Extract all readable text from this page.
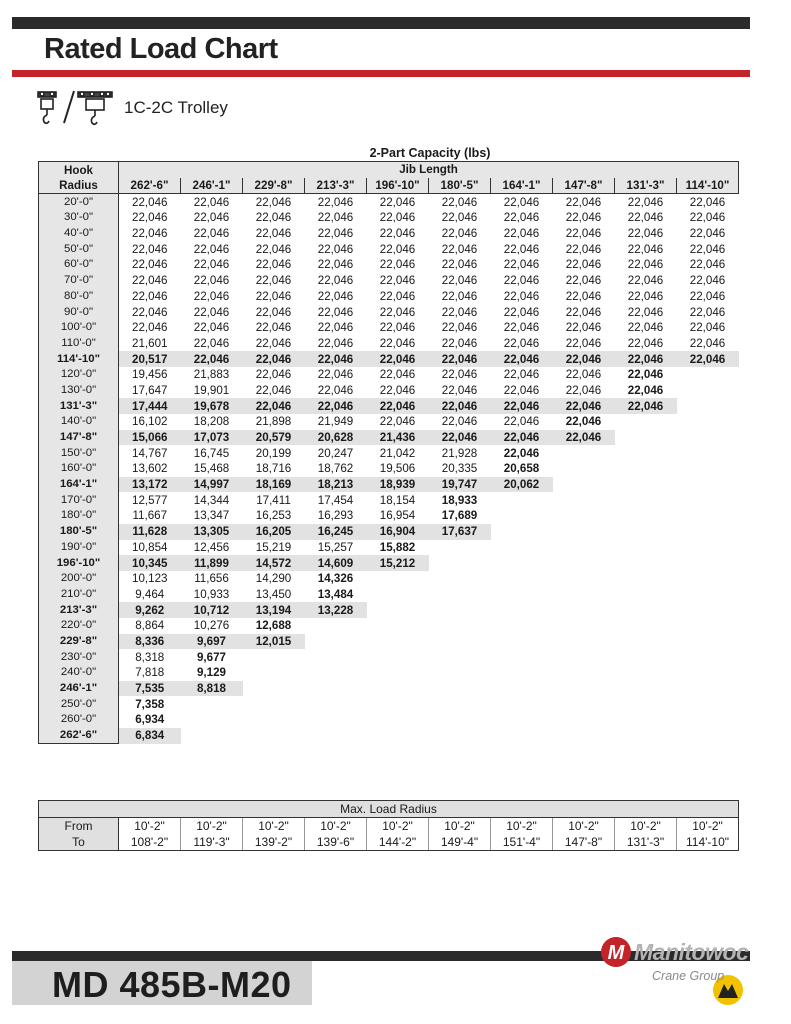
Rated Load Chart
1C-2C Trolley
2-Part Capacity (lbs)
Hook
Radius	Jib Length									
	262'-6"	246'-1"	229'-8"	213'-3"	196'-10"	180'-5"	164'-1"	147'-8"	131'-3"	114'-10"
20'-0"	22,046	22,046	22,046	22,046	22,046	22,046	22,046	22,046	22,046	22,046
30'-0"	22,046	22,046	22,046	22,046	22,046	22,046	22,046	22,046	22,046	22,046
40'-0"	22,046	22,046	22,046	22,046	22,046	22,046	22,046	22,046	22,046	22,046
50'-0"	22,046	22,046	22,046	22,046	22,046	22,046	22,046	22,046	22,046	22,046
60'-0"	22,046	22,046	22,046	22,046	22,046	22,046	22,046	22,046	22,046	22,046
70'-0"	22,046	22,046	22,046	22,046	22,046	22,046	22,046	22,046	22,046	22,046
80'-0"	22,046	22,046	22,046	22,046	22,046	22,046	22,046	22,046	22,046	22,046
90'-0"	22,046	22,046	22,046	22,046	22,046	22,046	22,046	22,046	22,046	22,046
100'-0"	22,046	22,046	22,046	22,046	22,046	22,046	22,046	22,046	22,046	22,046
110'-0"	21,601	22,046	22,046	22,046	22,046	22,046	22,046	22,046	22,046	22,046
114'-10"	20,517	22,046	22,046	22,046	22,046	22,046	22,046	22,046	22,046	22,046
120'-0"	19,456	21,883	22,046	22,046	22,046	22,046	22,046	22,046	22,046	
130'-0"	17,647	19,901	22,046	22,046	22,046	22,046	22,046	22,046	22,046	
131'-3"	17,444	19,678	22,046	22,046	22,046	22,046	22,046	22,046	22,046	
140'-0"	16,102	18,208	21,898	21,949	22,046	22,046	22,046	22,046		
147'-8"	15,066	17,073	20,579	20,628	21,436	22,046	22,046	22,046		
150'-0"	14,767	16,745	20,199	20,247	21,042	21,928	22,046			
160'-0"	13,602	15,468	18,716	18,762	19,506	20,335	20,658			
164'-1"	13,172	14,997	18,169	18,213	18,939	19,747	20,062			
170'-0"	12,577	14,344	17,411	17,454	18,154	18,933				
180'-0"	11,667	13,347	16,253	16,293	16,954	17,689				
180'-5"	11,628	13,305	16,205	16,245	16,904	17,637				
190'-0"	10,854	12,456	15,219	15,257	15,882					
196'-10"	10,345	11,899	14,572	14,609	15,212					
200'-0"	10,123	11,656	14,290	14,326						
210'-0"	9,464	10,933	13,450	13,484						
213'-3"	9,262	10,712	13,194	13,228						
220'-0"	8,864	10,276	12,688							
229'-8"	8,336	9,697	12,015							
230'-0"	8,318	9,677								
240'-0"	7,818	9,129								
246'-1"	7,535	8,818								
250'-0"	7,358									
260'-0"	6,934									
262'-6"	6,834									
Max. Load Radius										
From	10'-2"	10'-2"	10'-2"	10'-2"	10'-2"	10'-2"	10'-2"	10'-2"	10'-2"	10'-2"
To	108'-2"	119'-3"	139'-2"	139'-6"	144'-2"	149'-4"	151'-4"	147'-8"	131'-3"	114'-10"
MD 485B-M20
M Manitowoc
Crane Group
